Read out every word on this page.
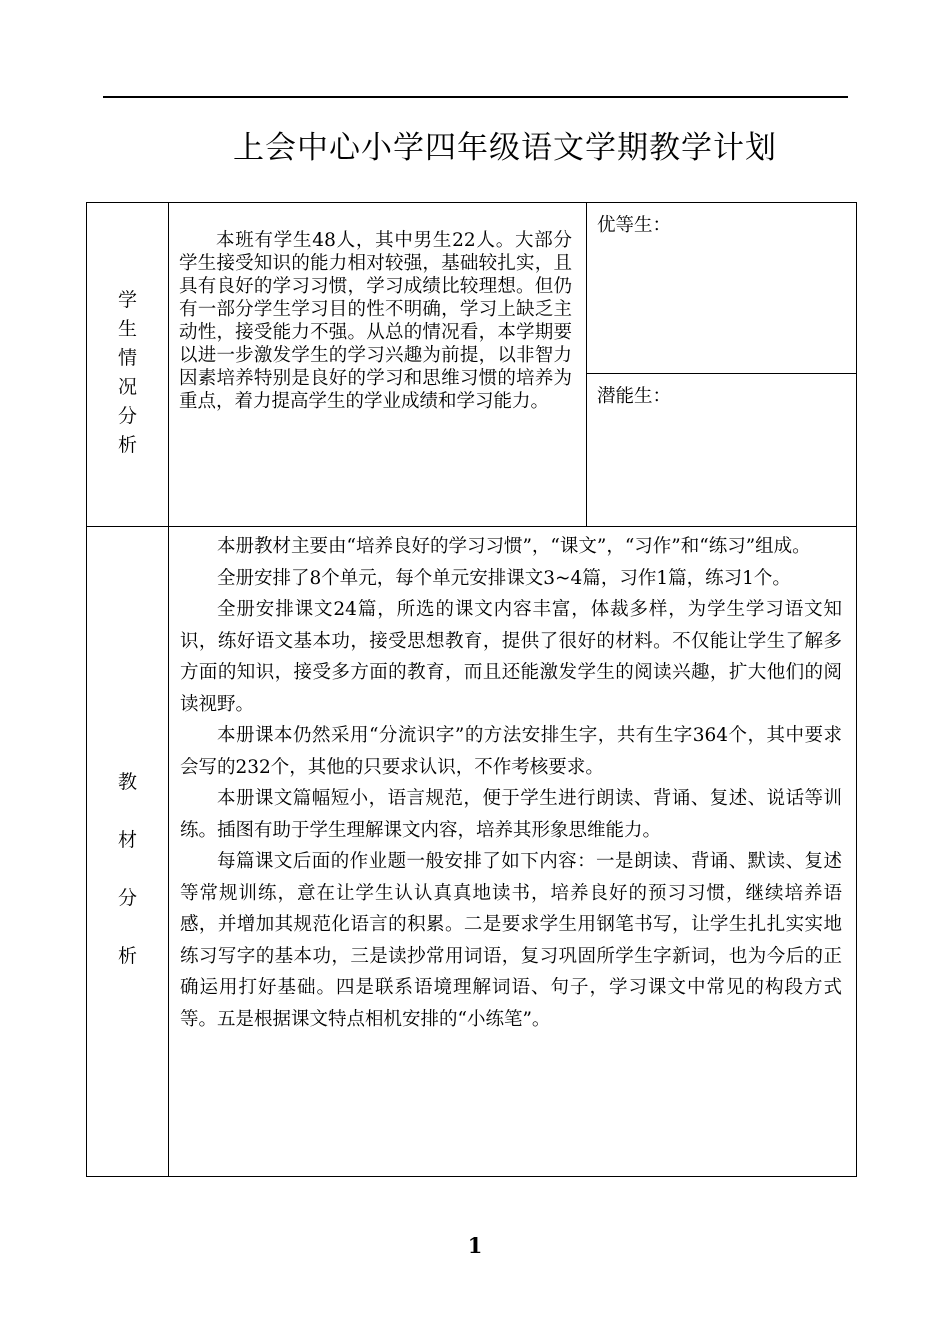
上会中心小学四年级语文学期教学计划
学
生
情
况
分
析
本班有学生48人，其中男生22人。大部分学生接受知识的能力相对较强，基础较扎实，且具有良好的学习习惯，学习成绩比较理想。但仍有一部分学生学习目的性不明确，学习上缺乏主动性，接受能力不强。从总的情况看，本学期要以进一步激发学生的学习兴趣为前提，以非智力因素培养特别是良好的学习和思维习惯的培养为重点，着力提高学生的学业成绩和学习能力。
优等生：
潜能生：
教
材
分
析

本册教材主要由“培养良好的学习习惯”，“课文”，“习作”和“练习”组成。

全册安排了8个单元，每个单元安排课文3~4篇，习作1篇，练习1个。

全册安排课文24篇，所选的课文内容丰富，体裁多样，为学生学习语文知识，练好语文基本功，接受思想教育，提供了很好的材料。不仅能让学生了解多方面的知识，接受多方面的教育，而且还能激发学生的阅读兴趣，扩大他们的阅读视野。

本册课本仍然采用“分流识字”的方法安排生字，共有生字364个，其中要求会写的232个，其他的只要求认识，不作考核要求。

本册课文篇幅短小，语言规范，便于学生进行朗读、背诵、复述、说话等训练。插图有助于学生理解课文内容，培养其形象思维能力。

每篇课文后面的作业题一般安排了如下内容：一是朗读、背诵、默读、复述等常规训练，意在让学生认认真真地读书，培养良好的预习习惯，继续培养语感，并增加其规范化语言的积累。二是要求学生用钢笔书写，让学生扎扎实实地练习写字的基本功，三是读抄常用词语，复习巩固所学生字新词，也为今后的正确运用打好基础。四是联系语境理解词语、句子，学习课文中常见的构段方式等。五是根据课文特点相机安排的“小练笔”。

1
